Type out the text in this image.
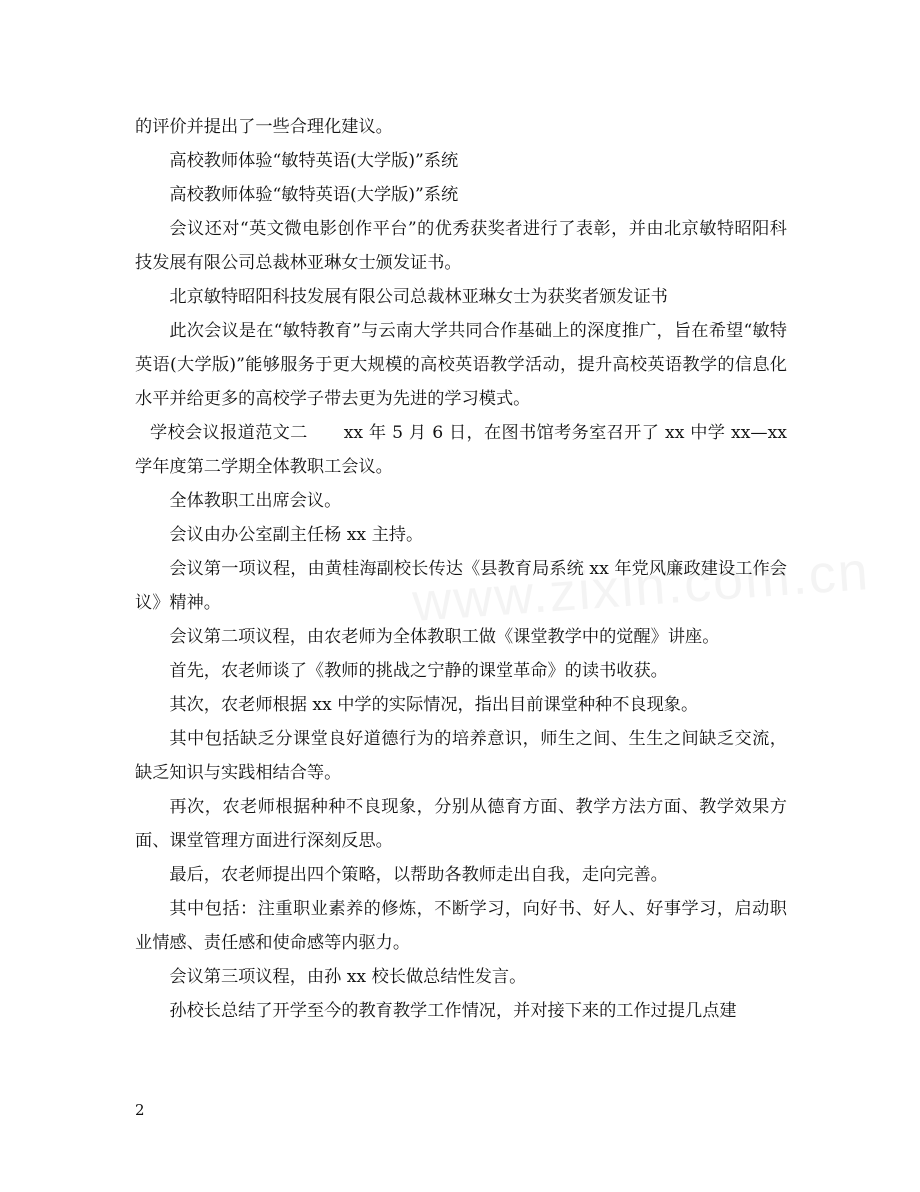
的评价并提出了一些合理化建议。

高校教师体验“敏特英语(大学版)”系统

高校教师体验“敏特英语(大学版)”系统

会议还对“英文微电影创作平台”的优秀获奖者进行了表彰，并由北京敏特昭阳科技发展有限公司总裁林亚琳女士颁发证书。

北京敏特昭阳科技发展有限公司总裁林亚琳女士为获奖者颁发证书

此次会议是在“敏特教育”与云南大学共同合作基础上的深度推广，旨在希望“敏特英语(大学版)”能够服务于更大规模的高校英语教学活动，提升高校英语教学的信息化水平并给更多的高校学子带去更为先进的学习模式。

学校会议报道范文二 xx 年 5 月 6 日，在图书馆考务室召开了 xx 中学 xx—xx 学年度第二学期全体教职工会议。

全体教职工出席会议。

会议由办公室副主任杨 xx 主持。

会议第一项议程，由黄桂海副校长传达《县教育局系统 xx 年党风廉政建设工作会议》精神。

会议第二项议程，由农老师为全体教职工做《课堂教学中的觉醒》讲座。

首先，农老师谈了《教师的挑战之宁静的课堂革命》的读书收获。

其次，农老师根据 xx 中学的实际情况，指出目前课堂种种不良现象。

其中包括缺乏分课堂良好道德行为的培养意识，师生之间、生生之间缺乏交流，缺乏知识与实践相结合等。

再次，农老师根据种种不良现象，分别从德育方面、教学方法方面、教学效果方面、课堂管理方面进行深刻反思。

最后，农老师提出四个策略，以帮助各教师走出自我，走向完善。

其中包括：注重职业素养的修炼，不断学习，向好书、好人、好事学习，启动职业情感、责任感和使命感等内驱力。

会议第三项议程，由孙 xx 校长做总结性发言。

孙校长总结了开学至今的教育教学工作情况，并对接下来的工作过提几点建

2
